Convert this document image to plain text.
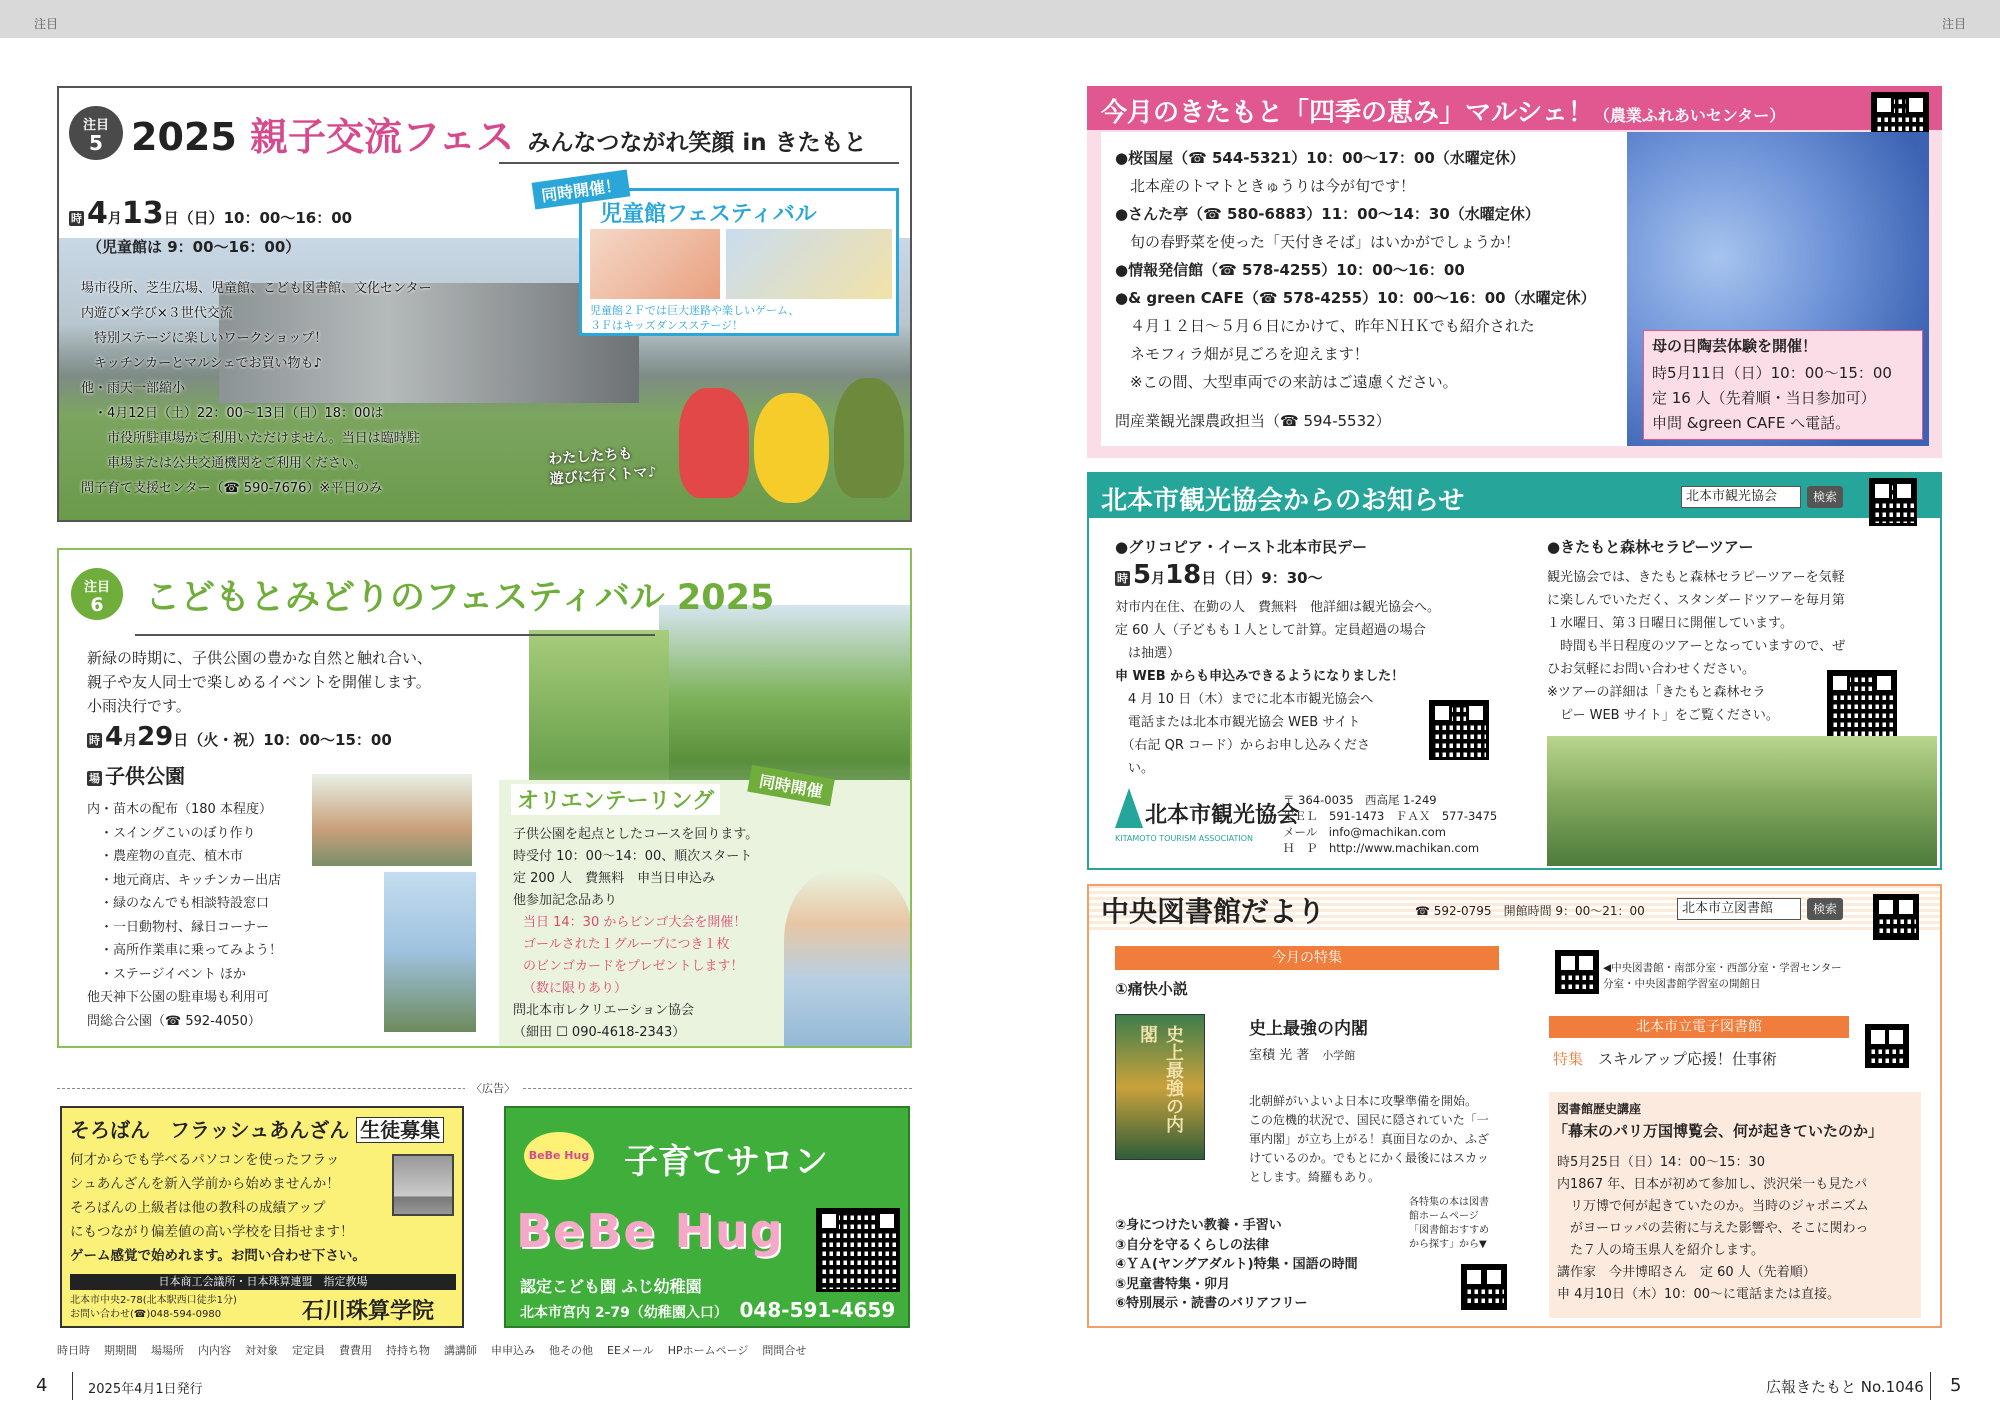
注目	注目
注目
5 2025 親子交流フェス みんなつながれ笑顔 in きたもと
時 4月13日（日）10：00～16：00
（児童館は 9：00～16：00）
場市役所、芝生広場、児童館、こども図書館、文化センター
内遊び×学び×３世代交流
　特別ステージに楽しいワークショップ！
　キッチンカーとマルシェでお買い物も♪
他・雨天一部縮小
　・4月12日（土）22：00～13日（日）18：00は
　　市役所駐車場がご利用いただけません。当日は臨時駐
　　車場または公共交通機関をご利用ください。
問子育て支援センター（☎ 590-7676）※平日のみ
児童館フェスティバル
児童館２Ｆでは巨大迷路や楽しいゲーム、
３Ｆはキッズダンスステージ！
同時開催！
わたしたちも
遊びに行くトマ♪
注目
6	こどもとみどりのフェスティバル 2025
新緑の時期に、子供公園の豊かな自然と触れ合い、
親子や友人同士で楽しめるイベントを開催します。
小雨決行です。
時 4月29日（火・祝）10：00～15：00
場 子供公園
内・苗木の配布（180 本程度）
　・スイングこいのぼり作り
　・農産物の直売、植木市
　・地元商店、キッチンカー出店
　・緑のなんでも相談特設窓口
　・一日動物村、縁日コーナー
　・高所作業車に乗ってみよう！
　・ステージイベント ほか
他天神下公園の駐車場も利用可
問総合公園（☎ 592-4050）
オリエンテーリング
子供公園を起点としたコースを回ります。
時受付 10：00～14：00、順次スタート
定 200 人　費無料　申当日申込み
他参加記念品あり
当日 14：30 からビンゴ大会を開催！
ゴールされた１グループにつき１枚
のビンゴカードをプレゼントします！
（数に限りあり）
問北本市レクリエーション協会
（細田 ☐ 090-4618-2343）
同時開催
〈広告〉
そろばん　フラッシュあんざん 生徒募集
何才からでも学べるパソコンを使ったフラッ
シュあんざんを新入学前から始めませんか！
そろばんの上級者は他の教科の成績アップ
にもつながり偏差値の高い学校を目指せます！
ゲーム感覚で始めれます。お問い合わせ下さい。
日本商工会議所・日本珠算連盟　指定教場
北本市中央2-78(北本駅西口徒歩1分)
お問い合わせ(☎)048-594-0980	石川珠算学院
BeBe Hug 子育てサロン
BeBe Hug
認定こども園 ふじ幼稚園
北本市宮内 2-79（幼稚園入口） 048-591-4659
時日時 期期間 場場所 内内容 対対象 定定員 費費用 持持ち物 講講師 申申込み 他その他 EEメール HPホームページ 問問合せ
4	2025年4月1日発行	広報きたもと No.1046 5
今月のきたもと「四季の恵み」マルシェ！（農業ふれあいセンター）
●桜国屋（☎ 544-5321）10：00～17：00（水曜定休）
　北本産のトマトときゅうりは今が旬です！
●さんた亭（☎ 580-6883）11：00～14：30（水曜定休）
　旬の春野菜を使った「天付きそば」はいかがでしょうか！
●情報発信館（☎ 578-4255）10：00～16：00
●& green CAFE（☎ 578-4255）10：00～16：00（水曜定休）
　４月１２日～５月６日にかけて、昨年ＮＨＫでも紹介された
　ネモフィラ畑が見ごろを迎えます！
　※この間、大型車両での来訪はご遠慮ください。
問産業観光課農政担当（☎ 594-5532）
母の日陶芸体験を開催！
時5月11日（日）10：00～15：00
定 16 人（先着順・当日参加可）
申問 &green CAFE へ電話。
北本市観光協会からのお知らせ	北本市観光協会	検索
●グリコピア・イースト北本市民デー
時 5月18日（日）9：30～
対市内在住、在勤の人　費無料　他詳細は観光協会へ。
定 60 人（子どもも１人として計算。定員超過の場合
　は抽選）
申 WEB からも申込みできるようになりました！
　4 月 10 日（木）までに北本市観光協会へ
　電話または北本市観光協会 WEB サイト
　（右記 QR コード）からお申し込みくださ
　い。
北本市観光協会
KITAMOTO TOURISM ASSOCIATION
〒 364-0035　西高尾 1-249
ＴＥＬ　591-1473　ＦＡＸ　577-3475
メール　info@machikan.com
Ｈ　Ｐ　http://www.machikan.com
●きたもと森林セラピーツアー
観光協会では、きたもと森林セラピーツアーを気軽
に楽しんでいただく、スタンダードツアーを毎月第
１水曜日、第３日曜日に開催しています。
　時間も半日程度のツアーとなっていますので、ぜ
ひお気軽にお問い合わせください。
※ツアーの詳細は「きたもと森林セラ
　ピー WEB サイト」をご覧ください。
中央図書館だより	☎ 592-0795　 開館時間 9：00～21：00	北本市立図書館	検索
今月の特集
①痛快小説
史上最強の内閣	史上最強の内閣
室積 光 著　 小学館
北朝鮮がいよいよ日本に攻撃準備を開始。
この危機的状況で、国民に隠されていた「一
軍内閣」が立ち上がる！真面目なのか、ふざ
けているのか。でもとにかく最後にはスカッ
とします。綺羅もあり。
②身につけたい教養・手習い
③自分を守るくらしの法律
④ＹＡ(ヤングアダルト)特集・国語の時間
⑤児童書特集・卯月
⑥特別展示・読書のバリアフリー
各特集の本は図書
館ホームページ
「図書館おすすめ
から探す」から▼
◀中央図書館・南部分室・西部分室・学習センター
分室・中央図書館学習室の開館日
北本市立電子図書館
特集　 スキルアップ応援！仕事術
図書館歴史講座
「幕末のパリ万国博覧会、何が起きていたのか」
時5月25日（日）14：00～15：30
内1867 年、日本が初めて参加し、渋沢栄一も見たパ
　リ万博で何が起きていたのか。当時のジャポニズム
　がヨーロッパの芸術に与えた影響や、そこに関わっ
　た７人の埼玉県人を紹介します。
講作家　今井博昭さん　定 60 人（先着順）
申 4月10日（木）10：00～に電話または直接。
